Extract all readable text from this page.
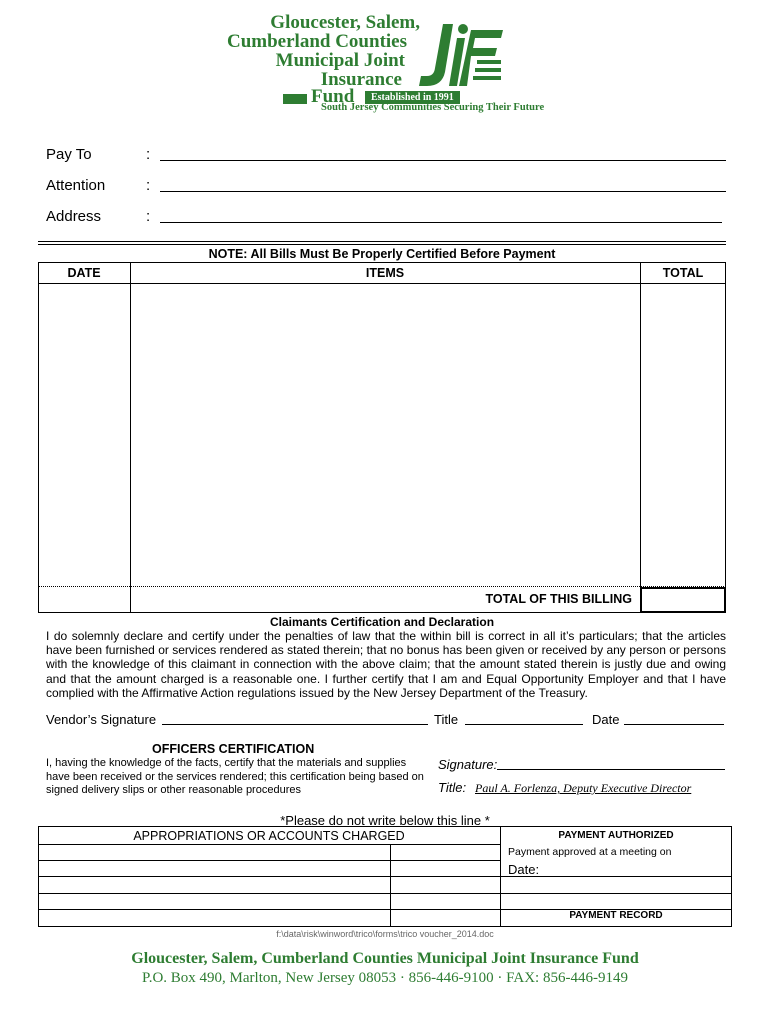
Gloucester, Salem,
Cumberland Counties
Municipal Joint
Insurance
Fund	Established in 1991
South Jersey Communities Securing Their Future
Pay To	:
Attention	:
Address	:
NOTE: All Bills Must Be Properly Certified Before Payment
DATE	ITEMS	TOTAL
TOTAL OF THIS BILLING
Claimants Certification and Declaration
I do solemnly declare and certify under the penalties of law that the within bill is correct in all it’s particulars; that the articles have been furnished or services rendered as stated therein; that no bonus has been given or received by any person or persons with the knowledge of this claimant in connection with the above claim; that the amount stated therein is justly due and owing and that the amount charged is a reasonable one. I further certify that I am and Equal Opportunity Employer and that I have complied with the Affirmative Action regulations issued by the New Jersey Department of the Treasury.
Vendor’s Signature	Title	Date
OFFICERS CERTIFICATION
I, having the knowledge of the facts, certify that the materials and supplies have been received or the services rendered; this certification being based on signed delivery slips or other reasonable procedures
Signature:
Title: Paul A. Forlenza, Deputy Executive Director
*Please do not write below this line *
APPROPRIATIONS OR ACCOUNTS CHARGED	PAYMENT AUTHORIZED
Payment approved at a meeting on
Date:
PAYMENT RECORD
f:\data\risk\winword\trico\forms\trico voucher_2014.doc
Gloucester, Salem, Cumberland Counties Municipal Joint Insurance Fund
P.O. Box 490, Marlton, New Jersey 08053 · 856-446-9100 · FAX: 856-446-9149
